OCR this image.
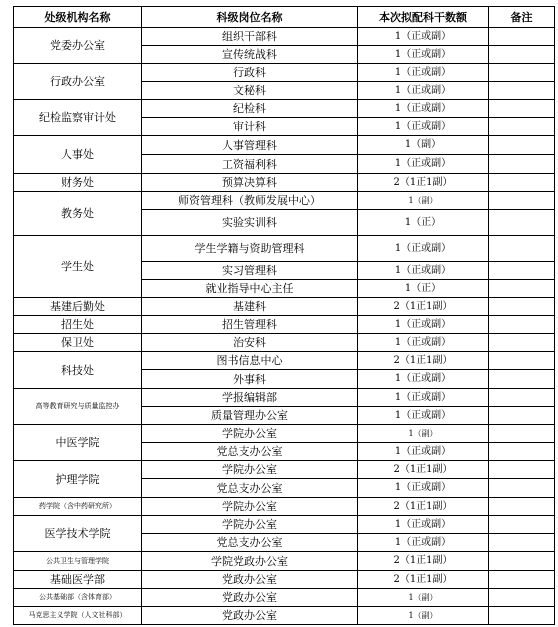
处级机构名称	科级岗位名称	本次拟配科干数额	备注
党委办公室	组织干部科	1（正或副）	
	宣传统战科	1（正或副）	
行政办公室	行政科	1（正或副）	
	文秘科	1（正或副）	
纪检监察审计处	纪检科	1（正或副）	
	审计科	1（正或副）	
人事处	人事管理科	1（副）	
	工资福利科	1（正或副）	
财务处	预算决算科	2（1正1副）	
教务处	师资管理科（教师发展中心）	1（副）	
	实验实训科	1（正）	
学生处	学生学籍与资助管理科	1（正或副）	
	实习管理科	1（正或副）	
	就业指导中心主任	1（正）	
基建后勤处	基建科	2（1正1副）	
招生处	招生管理科	1（正或副）	
保卫处	治安科	1（正或副）	
科技处	图书信息中心	2（1正1副）	
	外事科	1（正或副）	
高等教育研究与质量监控办	学报编辑部	1（正或副）	
	质量管理办公室	1（正或副）	
中医学院	学院办公室	1（副）	
	党总支办公室	1（正或副）	
护理学院	学院办公室	2（1正1副）	
	党总支办公室	1（正或副）	
药学院（含中药研究所）	学院办公室	2（1正1副）	
医学技术学院	学院办公室	1（正或副）	
	党总支办公室	1（正或副）	
公共卫生与管理学院	学院党政办公室	2（1正1副）	
基础医学部	党政办公室	2（1正1副）	
公共基础部（含体育部）	党政办公室	1（副）	
马克思主义学院（人文社科部）	党政办公室	1（副）	
